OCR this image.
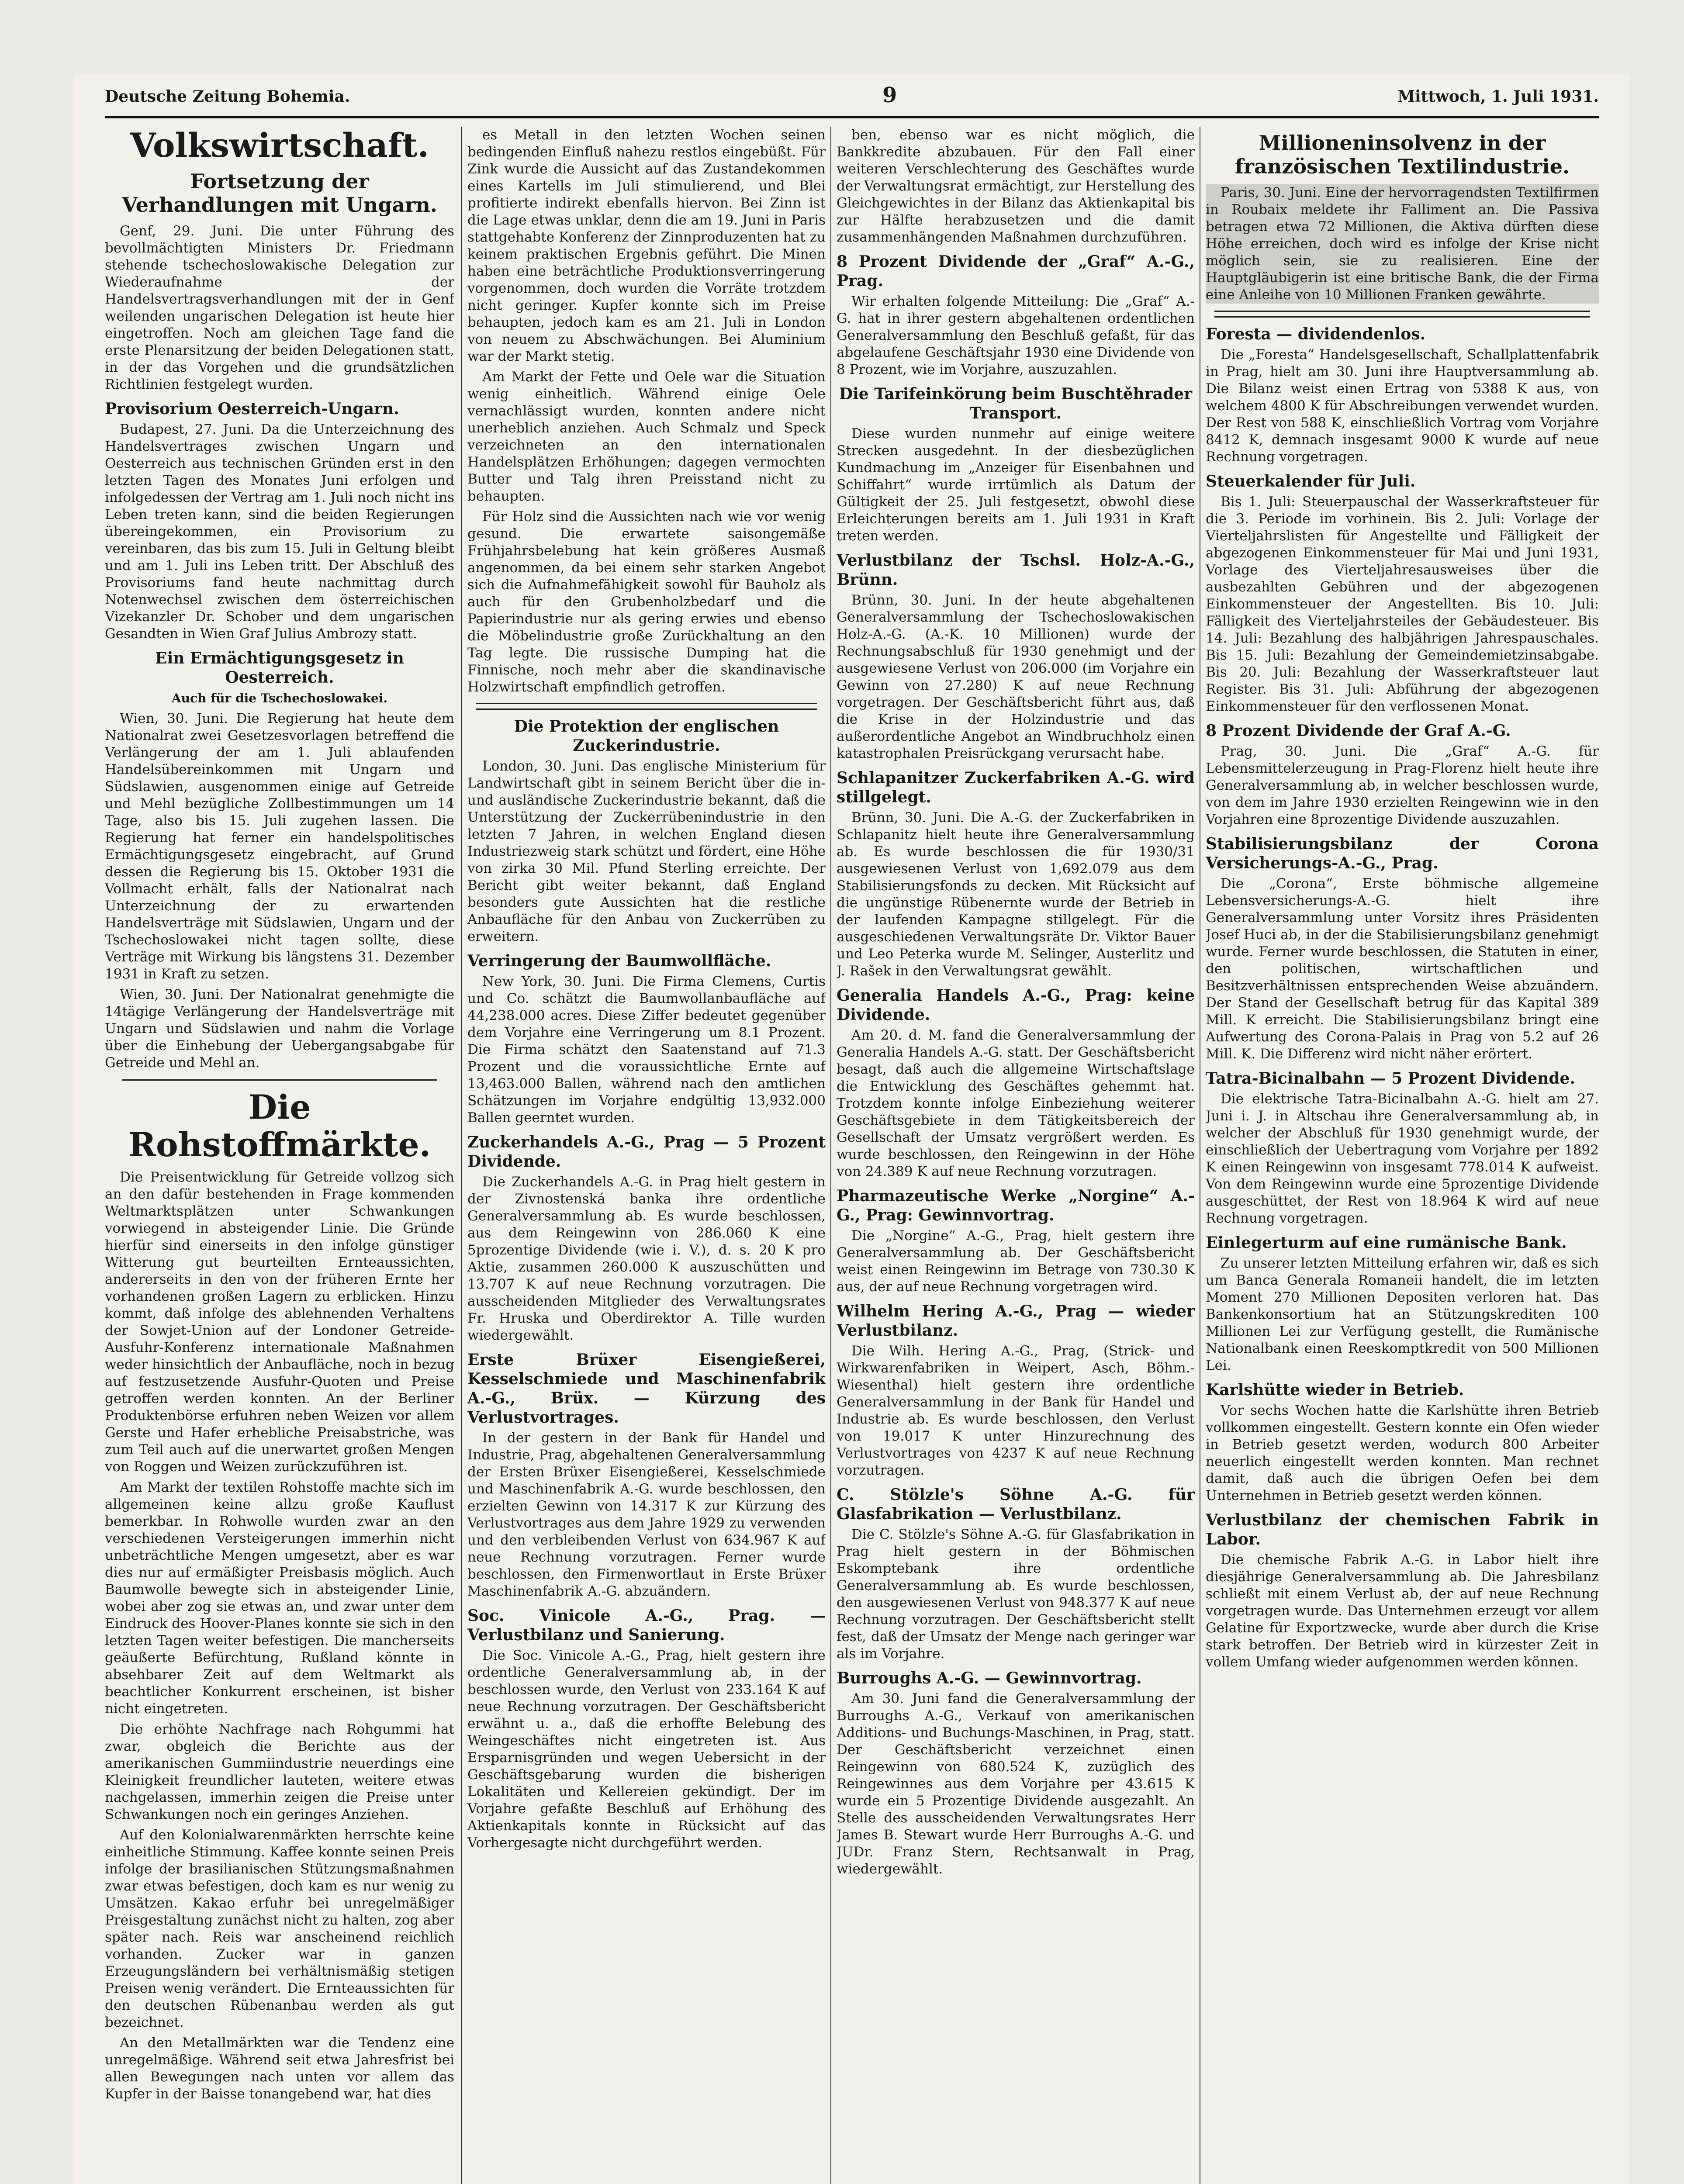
Deutsche Zeitung Bohemia.	9	Mittwoch, 1. Juli 1931.
Volkswirtschaft.
Fortsetzung der Verhandlungen mit Ungarn.

Genf, 29. Juni. Die unter Führung des bevollmächtigten Ministers Dr. Friedmann stehende tschechoslowakische Delegation zur Wiederaufnahme der Handelsvertragsverhandlungen mit der in Genf weilenden ungarischen Delegation ist heute hier eingetroffen. Noch am gleichen Tage fand die erste Plenarsitzung der beiden Delegationen statt, in der das Vorgehen und die grundsätzlichen Richtlinien festgelegt wurden.

Provisorium Oesterreich-Ungarn.

Budapest, 27. Juni. Da die Unterzeichnung des Handelsvertrages zwischen Ungarn und Oesterreich aus technischen Gründen erst in den letzten Tagen des Monates Juni erfolgen und infolgedessen der Vertrag am 1. Juli noch nicht ins Leben treten kann, sind die beiden Regierungen übereingekommen, ein Provisorium zu vereinbaren, das bis zum 15. Juli in Geltung bleibt und am 1. Juli ins Leben tritt. Der Abschluß des Provisoriums fand heute nachmittag durch Notenwechsel zwischen dem österreichischen Vizekanzler Dr. Schober und dem ungarischen Gesandten in Wien Graf Julius Ambrozy statt.

Ein Ermächtigungsgesetz in Oesterreich.
Auch für die Tschechoslowakei.

Wien, 30. Juni. Die Regierung hat heute dem Nationalrat zwei Gesetzesvorlagen betreffend die Verlängerung der am 1. Juli ablaufenden Handelsübereinkommen mit Ungarn und Südslawien, ausgenommen einige auf Getreide und Mehl bezügliche Zollbestimmungen um 14 Tage, also bis 15. Juli zugehen lassen. Die Regierung hat ferner ein handelspolitisches Ermächtigungsgesetz eingebracht, auf Grund dessen die Regierung bis 15. Oktober 1931 die Vollmacht erhält, falls der Nationalrat nach Unterzeichnung der zu erwartenden Handelsverträge mit Südslawien, Ungarn und der Tschechoslowakei nicht tagen sollte, diese Verträge mit Wirkung bis längstens 31. Dezember 1931 in Kraft zu setzen.

Wien, 30. Juni. Der Nationalrat genehmigte die 14tägige Verlängerung der Handelsverträge mit Ungarn und Südslawien und nahm die Vorlage über die Einhebung der Uebergangsabgabe für Getreide und Mehl an.

Die Rohstoffmärkte.

Die Preisentwicklung für Getreide vollzog sich an den dafür bestehenden in Frage kommenden Weltmarktsplätzen unter Schwankungen vorwiegend in absteigender Linie. Die Gründe hierfür sind einerseits in den infolge günstiger Witterung gut beurteilten Ernteaussichten, andererseits in den von der früheren Ernte her vorhandenen großen Lagern zu erblicken. Hinzu kommt, daß infolge des ablehnenden Verhaltens der Sowjet-Union auf der Londoner Getreide-Ausfuhr-Konferenz internationale Maßnahmen weder hinsichtlich der Anbaufläche, noch in bezug auf festzusetzende Ausfuhr-Quoten und Preise getroffen werden konnten. An der Berliner Produktenbörse erfuhren neben Weizen vor allem Gerste und Hafer erhebliche Preisabstriche, was zum Teil auch auf die unerwartet großen Mengen von Roggen und Weizen zurückzuführen ist.

Am Markt der textilen Rohstoffe machte sich im allgemeinen keine allzu große Kauflust bemerkbar. In Rohwolle wurden zwar an den verschiedenen Versteigerungen immerhin nicht unbeträchtliche Mengen umgesetzt, aber es war dies nur auf ermäßigter Preisbasis möglich. Auch Baumwolle bewegte sich in absteigender Linie, wobei aber zog sie etwas an, und zwar unter dem Eindruck des Hoover-Planes konnte sie sich in den letzten Tagen weiter befestigen. Die mancherseits geäußerte Befürchtung, Rußland könnte in absehbarer Zeit auf dem Weltmarkt als beachtlicher Konkurrent erscheinen, ist bisher nicht eingetreten.

Die erhöhte Nachfrage nach Rohgummi hat zwar, obgleich die Berichte aus der amerikanischen Gummiindustrie neuerdings eine Kleinigkeit freundlicher lauteten, weitere etwas nachgelassen, immerhin zeigen die Preise unter Schwankungen noch ein geringes Anziehen.

Auf den Kolonialwarenmärkten herrschte keine einheitliche Stimmung. Kaffee konnte seinen Preis infolge der brasilianischen Stützungsmaßnahmen zwar etwas befestigen, doch kam es nur wenig zu Umsätzen. Kakao erfuhr bei unregelmäßiger Preisgestaltung zunächst nicht zu halten, zog aber später nach. Reis war anscheinend reichlich vorhanden. Zucker war in ganzen Erzeugungsländern bei verhältnismäßig stetigen Preisen wenig verändert. Die Ernteaussichten für den deutschen Rübenanbau werden als gut bezeichnet.

An den Metallmärkten war die Tendenz eine unregelmäßige. Während seit etwa Jahresfrist bei allen Bewegungen nach unten vor allem das Kupfer in der Baisse tonangebend war, hat dies

es Metall in den letzten Wochen seinen bedingenden Einfluß nahezu restlos eingebüßt. Für Zink wurde die Aussicht auf das Zustandekommen eines Kartells im Juli stimulierend, und Blei profitierte indirekt ebenfalls hiervon. Bei Zinn ist die Lage etwas unklar, denn die am 19. Juni in Paris stattgehabte Konferenz der Zinnproduzenten hat zu keinem praktischen Ergebnis geführt. Die Minen haben eine beträchtliche Produktionsverringerung vorgenommen, doch wurden die Vorräte trotzdem nicht geringer. Kupfer konnte sich im Preise behaupten, jedoch kam es am 21. Juli in London von neuem zu Abschwächungen. Bei Aluminium war der Markt stetig.

Am Markt der Fette und Oele war die Situation wenig einheitlich. Während einige Oele vernachlässigt wurden, konnten andere nicht unerheblich anziehen. Auch Schmalz und Speck verzeichneten an den internationalen Handelsplätzen Erhöhungen; dagegen vermochten Butter und Talg ihren Preisstand nicht zu behaupten.

Für Holz sind die Aussichten nach wie vor wenig gesund. Die erwartete saisongemäße Frühjahrsbelebung hat kein größeres Ausmaß angenommen, da bei einem sehr starken Angebot sich die Aufnahmefähigkeit sowohl für Bauholz als auch für den Grubenholzbedarf und die Papierindustrie nur als gering erwies und ebenso die Möbelindustrie große Zurückhaltung an den Tag legte. Die russische Dumping hat die Finnische, noch mehr aber die skandinavische Holzwirtschaft empfindlich getroffen.

Die Protektion der englischen Zuckerindustrie.

London, 30. Juni. Das englische Ministerium für Landwirtschaft gibt in seinem Bericht über die in- und ausländische Zuckerindustrie bekannt, daß die Unterstützung der Zuckerrübenindustrie in den letzten 7 Jahren, in welchen England diesen Industriezweig stark schützt und fördert, eine Höhe von zirka 30 Mil. Pfund Sterling erreichte. Der Bericht gibt weiter bekannt, daß England besonders gute Aussichten hat die restliche Anbaufläche für den Anbau von Zuckerrüben zu erweitern.

Verringerung der Baumwollfläche.

New York, 30. Juni. Die Firma Clemens, Curtis und Co. schätzt die Baumwollanbaufläche auf 44,238.000 acres. Diese Ziffer bedeutet gegenüber dem Vorjahre eine Verringerung um 8.1 Prozent. Die Firma schätzt den Saatenstand auf 71.3 Prozent und die voraussichtliche Ernte auf 13,463.000 Ballen, während nach den amtlichen Schätzungen im Vorjahre endgültig 13,932.000 Ballen geerntet wurden.

Zuckerhandels A.-G., Prag — 5 Prozent Dividende.

Die Zuckerhandels A.-G. in Prag hielt gestern in der Zivnostenská banka ihre ordentliche Generalversammlung ab. Es wurde beschlossen, aus dem Reingewinn von 286.060 K eine 5prozentige Dividende (wie i. V.), d. s. 20 K pro Aktie, zusammen 260.000 K auszuschütten und 13.707 K auf neue Rechnung vorzutragen. Die ausscheidenden Mitglieder des Verwaltungsrates Fr. Hruska und Oberdirektor A. Tille wurden wiedergewählt.

Erste Brüxer Eisengießerei, Kesselschmiede und Maschinenfabrik A.-G., Brüx. — Kürzung des Verlustvortrages.

In der gestern in der Bank für Handel und Industrie, Prag, abgehaltenen Generalversammlung der Ersten Brüxer Eisengießerei, Kesselschmiede und Maschinenfabrik A.-G. wurde beschlossen, den erzielten Gewinn von 14.317 K zur Kürzung des Verlustvortrages aus dem Jahre 1929 zu verwenden und den verbleibenden Verlust von 634.967 K auf neue Rechnung vorzutragen. Ferner wurde beschlossen, den Firmenwortlaut in Erste Brüxer Maschinenfabrik A.-G. abzuändern.

Soc. Vinicole A.-G., Prag. — Verlustbilanz und Sanierung.

Die Soc. Vinicole A.-G., Prag, hielt gestern ihre ordentliche Generalversammlung ab, in der beschlossen wurde, den Verlust von 233.164 K auf neue Rechnung vorzutragen. Der Geschäftsbericht erwähnt u. a., daß die erhoffte Belebung des Weingeschäftes nicht eingetreten ist. Aus Ersparnisgründen und wegen Uebersicht in der Geschäftsgebarung wurden die bisherigen Lokalitäten und Kellereien gekündigt. Der im Vorjahre gefaßte Beschluß auf Erhöhung des Aktienkapitals konnte in Rücksicht auf das Vorhergesagte nicht durchgeführt werden.

ben, ebenso war es nicht möglich, die Bankkredite abzubauen. Für den Fall einer weiteren Verschlechterung des Geschäftes wurde der Verwaltungsrat ermächtigt, zur Herstellung des Gleichgewichtes in der Bilanz das Aktienkapital bis zur Hälfte herabzusetzen und die damit zusammenhängenden Maßnahmen durchzuführen.

8 Prozent Dividende der „Graf“ A.-G., Prag.

Wir erhalten folgende Mitteilung: Die „Graf“ A.-G. hat in ihrer gestern abgehaltenen ordentlichen Generalversammlung den Beschluß gefaßt, für das abgelaufene Geschäftsjahr 1930 eine Dividende von 8 Prozent, wie im Vorjahre, auszuzahlen.

Die Tarifeinkörung beim Buschtěhrader Transport.

Diese wurden nunmehr auf einige weitere Strecken ausgedehnt. In der diesbezüglichen Kundmachung im „Anzeiger für Eisenbahnen und Schiffahrt“ wurde irrtümlich als Datum der Gültigkeit der 25. Juli festgesetzt, obwohl diese Erleichterungen bereits am 1. Juli 1931 in Kraft treten werden.

Verlustbilanz der Tschsl. Holz-A.-G., Brünn.

Brünn, 30. Juni. In der heute abgehaltenen Generalversammlung der Tschechoslowakischen Holz-A.-G. (A.-K. 10 Millionen) wurde der Rechnungsabschluß für 1930 genehmigt und der ausgewiesene Verlust von 206.000 (im Vorjahre ein Gewinn von 27.280) K auf neue Rechnung vorgetragen. Der Geschäftsbericht führt aus, daß die Krise in der Holzindustrie und das außerordentliche Angebot an Windbruchholz einen katastrophalen Preisrückgang verursacht habe.

Schlapanitzer Zuckerfabriken A.-G. wird stillgelegt.

Brünn, 30. Juni. Die A.-G. der Zuckerfabriken in Schlapanitz hielt heute ihre Generalversammlung ab. Es wurde beschlossen die für 1930/31 ausgewiesenen Verlust von 1,692.079 aus dem Stabilisierungsfonds zu decken. Mit Rücksicht auf die ungünstige Rübenernte wurde der Betrieb in der laufenden Kampagne stillgelegt. Für die ausgeschiedenen Verwaltungsräte Dr. Viktor Bauer und Leo Peterka wurde M. Selinger, Austerlitz und J. Rašek in den Verwaltungsrat gewählt.

Generalia Handels A.-G., Prag: keine Dividende.

Am 20. d. M. fand die Generalversammlung der Generalia Handels A.-G. statt. Der Geschäftsbericht besagt, daß auch die allgemeine Wirtschaftslage die Entwicklung des Geschäftes gehemmt hat. Trotzdem konnte infolge Einbeziehung weiterer Geschäftsgebiete in dem Tätigkeitsbereich der Gesellschaft der Umsatz vergrößert werden. Es wurde beschlossen, den Reingewinn in der Höhe von 24.389 K auf neue Rechnung vorzutragen.

Pharmazeutische Werke „Norgine“ A.-G., Prag: Gewinnvortrag.

Die „Norgine“ A.-G., Prag, hielt gestern ihre Generalversammlung ab. Der Geschäftsbericht weist einen Reingewinn im Betrage von 730.30 K aus, der auf neue Rechnung vorgetragen wird.

Wilhelm Hering A.-G., Prag — wieder Verlustbilanz.

Die Wilh. Hering A.-G., Prag, (Strick- und Wirkwarenfabriken in Weipert, Asch, Böhm.-Wiesenthal) hielt gestern ihre ordentliche Generalversammlung in der Bank für Handel und Industrie ab. Es wurde beschlossen, den Verlust von 19.017 K unter Hinzurechnung des Verlustvortrages von 4237 K auf neue Rechnung vorzutragen.

C. Stölzle's Söhne A.-G. für Glasfabrikation — Verlustbilanz.

Die C. Stölzle's Söhne A.-G. für Glasfabrikation in Prag hielt gestern in der Böhmischen Eskomptebank ihre ordentliche Generalversammlung ab. Es wurde beschlossen, den ausgewiesenen Verlust von 948.377 K auf neue Rechnung vorzutragen. Der Geschäftsbericht stellt fest, daß der Umsatz der Menge nach geringer war als im Vorjahre.

Burroughs A.-G. — Gewinnvortrag.

Am 30. Juni fand die Generalversammlung der Burroughs A.-G., Verkauf von amerikanischen Additions- und Buchungs-Maschinen, in Prag, statt. Der Geschäftsbericht verzeichnet einen Reingewinn von 680.524 K, zuzüglich des Reingewinnes aus dem Vorjahre per 43.615 K wurde ein 5 Prozentige Dividende ausgezahlt. An Stelle des ausscheidenden Verwaltungsrates Herr James B. Stewart wurde Herr Burroughs A.-G. und JUDr. Franz Stern, Rechtsanwalt in Prag, wiedergewählt.

Millioneninsolvenz in der französischen Textilindustrie.

Paris, 30. Juni. Eine der hervorragendsten Textilfirmen in Roubaix meldete ihr Falliment an. Die Passiva betragen etwa 72 Millionen, die Aktiva dürften diese Höhe erreichen, doch wird es infolge der Krise nicht möglich sein, sie zu realisieren. Eine der Hauptgläubigerin ist eine britische Bank, die der Firma eine Anleihe von 10 Millionen Franken gewährte.

Foresta — dividendenlos.

Die „Foresta“ Handelsgesellschaft, Schallplattenfabrik in Prag, hielt am 30. Juni ihre Hauptversammlung ab. Die Bilanz weist einen Ertrag von 5388 K aus, von welchem 4800 K für Abschreibungen verwendet wurden. Der Rest von 588 K, einschließlich Vortrag vom Vorjahre 8412 K, demnach insgesamt 9000 K wurde auf neue Rechnung vorgetragen.

Steuerkalender für Juli.

Bis 1. Juli: Steuerpauschal der Wasserkraftsteuer für die 3. Periode im vorhinein. Bis 2. Juli: Vorlage der Vierteljahrslisten für Angestellte und Fälligkeit der abgezogenen Einkommensteuer für Mai und Juni 1931, Vorlage des Vierteljahresausweises über die ausbezahlten Gebühren und der abgezogenen Einkommensteuer der Angestellten. Bis 10. Juli: Fälligkeit des Vierteljahrsteiles der Gebäudesteuer. Bis 14. Juli: Bezahlung des halbjährigen Jahrespauschales. Bis 15. Juli: Bezahlung der Gemeindemietzinsabgabe. Bis 20. Juli: Bezahlung der Wasserkraftsteuer laut Register. Bis 31. Juli: Abführung der abgezogenen Einkommensteuer für den verflossenen Monat.

8 Prozent Dividende der Graf A.-G.

Prag, 30. Juni. Die „Graf“ A.-G. für Lebensmittelerzeugung in Prag-Florenz hielt heute ihre Generalversammlung ab, in welcher beschlossen wurde, von dem im Jahre 1930 erzielten Reingewinn wie in den Vorjahren eine 8prozentige Dividende auszuzahlen.

Stabilisierungsbilanz der Corona Versicherungs-A.-G., Prag.

Die „Corona“, Erste böhmische allgemeine Lebensversicherungs-A.-G. hielt ihre Generalversammlung unter Vorsitz ihres Präsidenten Josef Huci ab, in der die Stabilisierungsbilanz genehmigt wurde. Ferner wurde beschlossen, die Statuten in einer, den politischen, wirtschaftlichen und Besitzverhältnissen entsprechenden Weise abzuändern. Der Stand der Gesellschaft betrug für das Kapital 389 Mill. K erreicht. Die Stabilisierungsbilanz bringt eine Aufwertung des Corona-Palais in Prag von 5.2 auf 26 Mill. K. Die Differenz wird nicht näher erörtert.

Tatra-Bicinalbahn — 5 Prozent Dividende.

Die elektrische Tatra-Bicinalbahn A.-G. hielt am 27. Juni i. J. in Altschau ihre Generalversammlung ab, in welcher der Abschluß für 1930 genehmigt wurde, der einschließlich der Uebertragung vom Vorjahre per 1892 K einen Reingewinn von insgesamt 778.014 K aufweist. Von dem Reingewinn wurde eine 5prozentige Dividende ausgeschüttet, der Rest von 18.964 K wird auf neue Rechnung vorgetragen.

Einlegerturm auf eine rumänische Bank.

Zu unserer letzten Mitteilung erfahren wir, daß es sich um Banca Generala Romaneii handelt, die im letzten Moment 270 Millionen Depositen verloren hat. Das Bankenkonsortium hat an Stützungskrediten 100 Millionen Lei zur Verfügung gestellt, die Rumänische Nationalbank einen Reeskomptkredit von 500 Millionen Lei.

Karlshütte wieder in Betrieb.

Vor sechs Wochen hatte die Karlshütte ihren Betrieb vollkommen eingestellt. Gestern konnte ein Ofen wieder in Betrieb gesetzt werden, wodurch 800 Arbeiter neuerlich eingestellt werden konnten. Man rechnet damit, daß auch die übrigen Oefen bei dem Unternehmen in Betrieb gesetzt werden können.

Verlustbilanz der chemischen Fabrik in Labor.

Die chemische Fabrik A.-G. in Labor hielt ihre diesjährige Generalversammlung ab. Die Jahresbilanz schließt mit einem Verlust ab, der auf neue Rechnung vorgetragen wurde. Das Unternehmen erzeugt vor allem Gelatine für Exportzwecke, wurde aber durch die Krise stark betroffen. Der Betrieb wird in kürzester Zeit in vollem Umfang wieder aufgenommen werden können.
